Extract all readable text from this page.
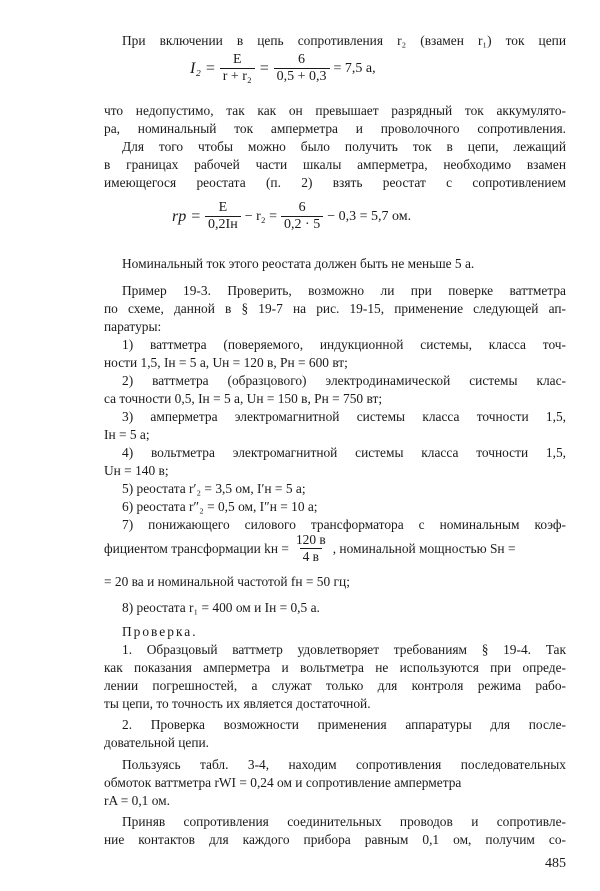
При включении в цепь сопротивления r₂ (взамен r₁) ток цепи
$I_2 = \frac{E}{\text{r + r₂}} = \frac{6}{0,5 + 0,3} = 7,5$ а,
что недопустимо, так как он превышает разрядный ток аккумулято-
ра, номинальный ток амперметра и проволочного сопротивления.
Для того чтобы можно было получить ток в цепи, лежащий
в границах рабочей части шкалы амперметра, необходимо взамен
имеющегося реостата (п. 2) взять реостат с сопротивлением
rр = $\frac{E}{0,2Iн} - r_2 = \frac{6}{0,2 \cdot 5} - 0,3 = 5,7$ ом.
Номинальный ток этого реостата должен быть не меньше 5 а.
Пример 19-3. Проверить, возможно ли при поверке ваттметра
по схеме, данной в § 19-7 на рис. 19-15, применение следующей ап-
паратуры:
1) ваттметра (поверяемого, индукционной системы, класса точ-
ности 1,5, Iн = 5 а, Uн = 120 в, Pн = 600 вт;
2) ваттметра (образцового) электродинамической системы клас-
са точности 0,5, Iн = 5 а, Uн = 150 в, Pн = 750 вт;
3) амперметра электромагнитной системы класса точности 1,5,
Iн = 5 а;
4) вольтметра электромагнитной системы класса точности 1,5,
Uн = 140 в;
5) реостата r′₂ = 3,5 ом, I′н = 5 а;
6) реостата r″₂ = 0,5 ом, I″н = 10 а;
7) понижающего силового трансформатора с номинальным коэф-
фициентом трансформации kн = $\frac{120 в}{4 в}$ , номинальной мощностью Sн =
= 20 ва и номинальной частотой fн = 50 гц;
8) реостата r₁ = 400 ом и Iн = 0,5 а.
Проверка.
1. Образцовый ваттметр удовлетворяет требованиям § 19-4. Так
как показания амперметра и вольтметра не используются при опреде-
лении погрешностей, а служат только для контроля режима рабо-
ты цепи, то точность их является достаточной.
2. Проверка возможности применения аппаратуры для после-
довательной цепи.
Пользуясь табл. 3-4, находим сопротивления последовательных
обмоток ваттметра rWI = 0,24 ом и сопротивление амперметра
rA = 0,1 ом.
Приняв сопротивления соединительных проводов и сопротивле-
ние контактов для каждого прибора равным 0,1 ом, получим со-
485
